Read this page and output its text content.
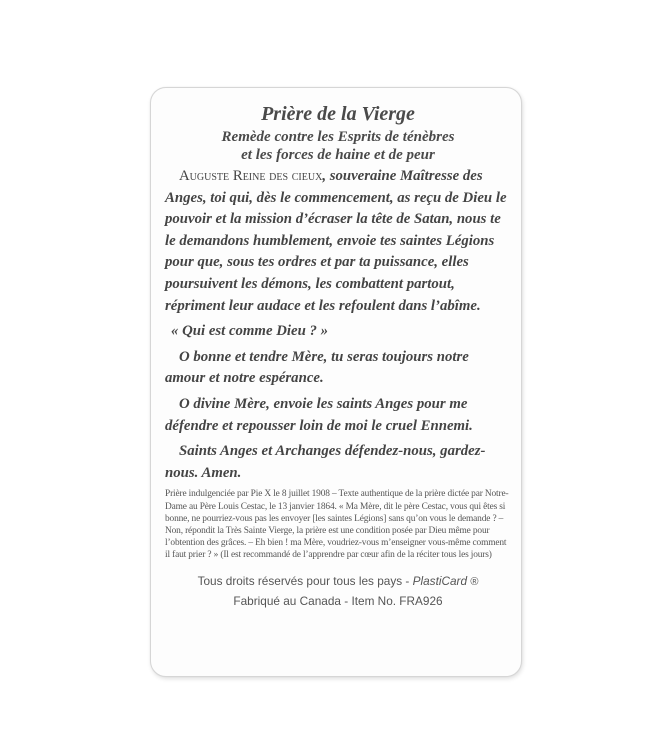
Prière de la Vierge
Remède contre les Esprits de ténèbres
et les forces de haine et de peur

Auguste Reine des cieux, souveraine Maîtresse des Anges, toi qui, dès le commencement, as reçu de Dieu le pouvoir et la mission d’écraser la tête de Satan, nous te le demandons humblement, envoie tes saintes Légions pour que, sous tes ordres et par ta puissance, elles poursuivent les démons, les combattent partout, répriment leur audace et les refoulent dans l’abîme.

« Qui est comme Dieu ? »

O bonne et tendre Mère, tu seras toujours notre amour et notre espérance.

O divine Mère, envoie les saints Anges pour me défendre et repousser loin de moi le cruel Ennemi.

Saints Anges et Archanges défendez-nous, gardez-nous. Amen.

Prière indulgenciée par Pie X le 8 juillet 1908 – Texte authentique de la prière dictée par Notre-Dame au Père Louis Cestac, le 13 janvier 1864. « Ma Mère, dit le père Cestac, vous qui êtes si bonne, ne pourriez-vous pas les envoyer [les saintes Légions] sans qu’on vous le demande ? – Non, répondit la Très Sainte Vierge, la prière est une condition posée par Dieu même pour l’obtention des grâces. – Eh bien ! ma Mère, voudriez-vous m’enseigner vous-même comment il faut prier ? » (Il est recommandé de l’apprendre par cœur afin de la réciter tous les jours)
Tous droits réservés pour tous les pays - PlastiCard ®
Fabriqué au Canada - Item No. FRA926
